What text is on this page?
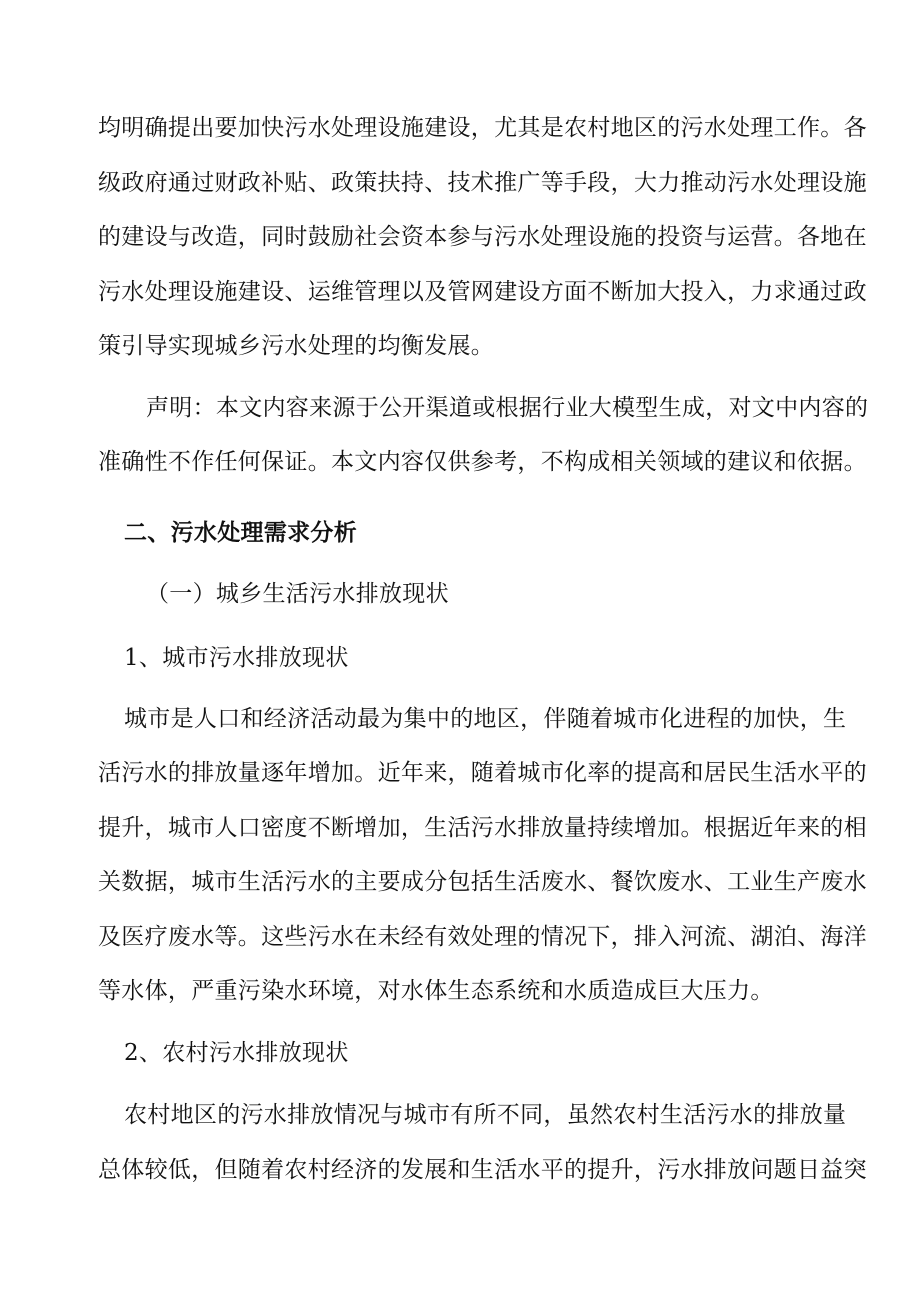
均明确提出要加快污水处理设施建设，尤其是农村地区的污水处理工作。各
级政府通过财政补贴、政策扶持、技术推广等手段，大力推动污水处理设施
的建设与改造，同时鼓励社会资本参与污水处理设施的投资与运营。各地在
污水处理设施建设、运维管理以及管网建设方面不断加大投入，力求通过政
策引导实现城乡污水处理的均衡发展。
声明：本文内容来源于公开渠道或根据行业大模型生成，对文中内容的
准确性不作任何保证。本文内容仅供参考，不构成相关领域的建议和依据。
二、污水处理需求分析
（一）城乡生活污水排放现状
1、城市污水排放现状
城市是人口和经济活动最为集中的地区，伴随着城市化进程的加快，生
活污水的排放量逐年增加。近年来，随着城市化率的提高和居民生活水平的
提升，城市人口密度不断增加，生活污水排放量持续增加。根据近年来的相
关数据，城市生活污水的主要成分包括生活废水、餐饮废水、工业生产废水
及医疗废水等。这些污水在未经有效处理的情况下，排入河流、湖泊、海洋
等水体，严重污染水环境，对水体生态系统和水质造成巨大压力。
2、农村污水排放现状
农村地区的污水排放情况与城市有所不同，虽然农村生活污水的排放量
总体较低，但随着农村经济的发展和生活水平的提升，污水排放问题日益突
